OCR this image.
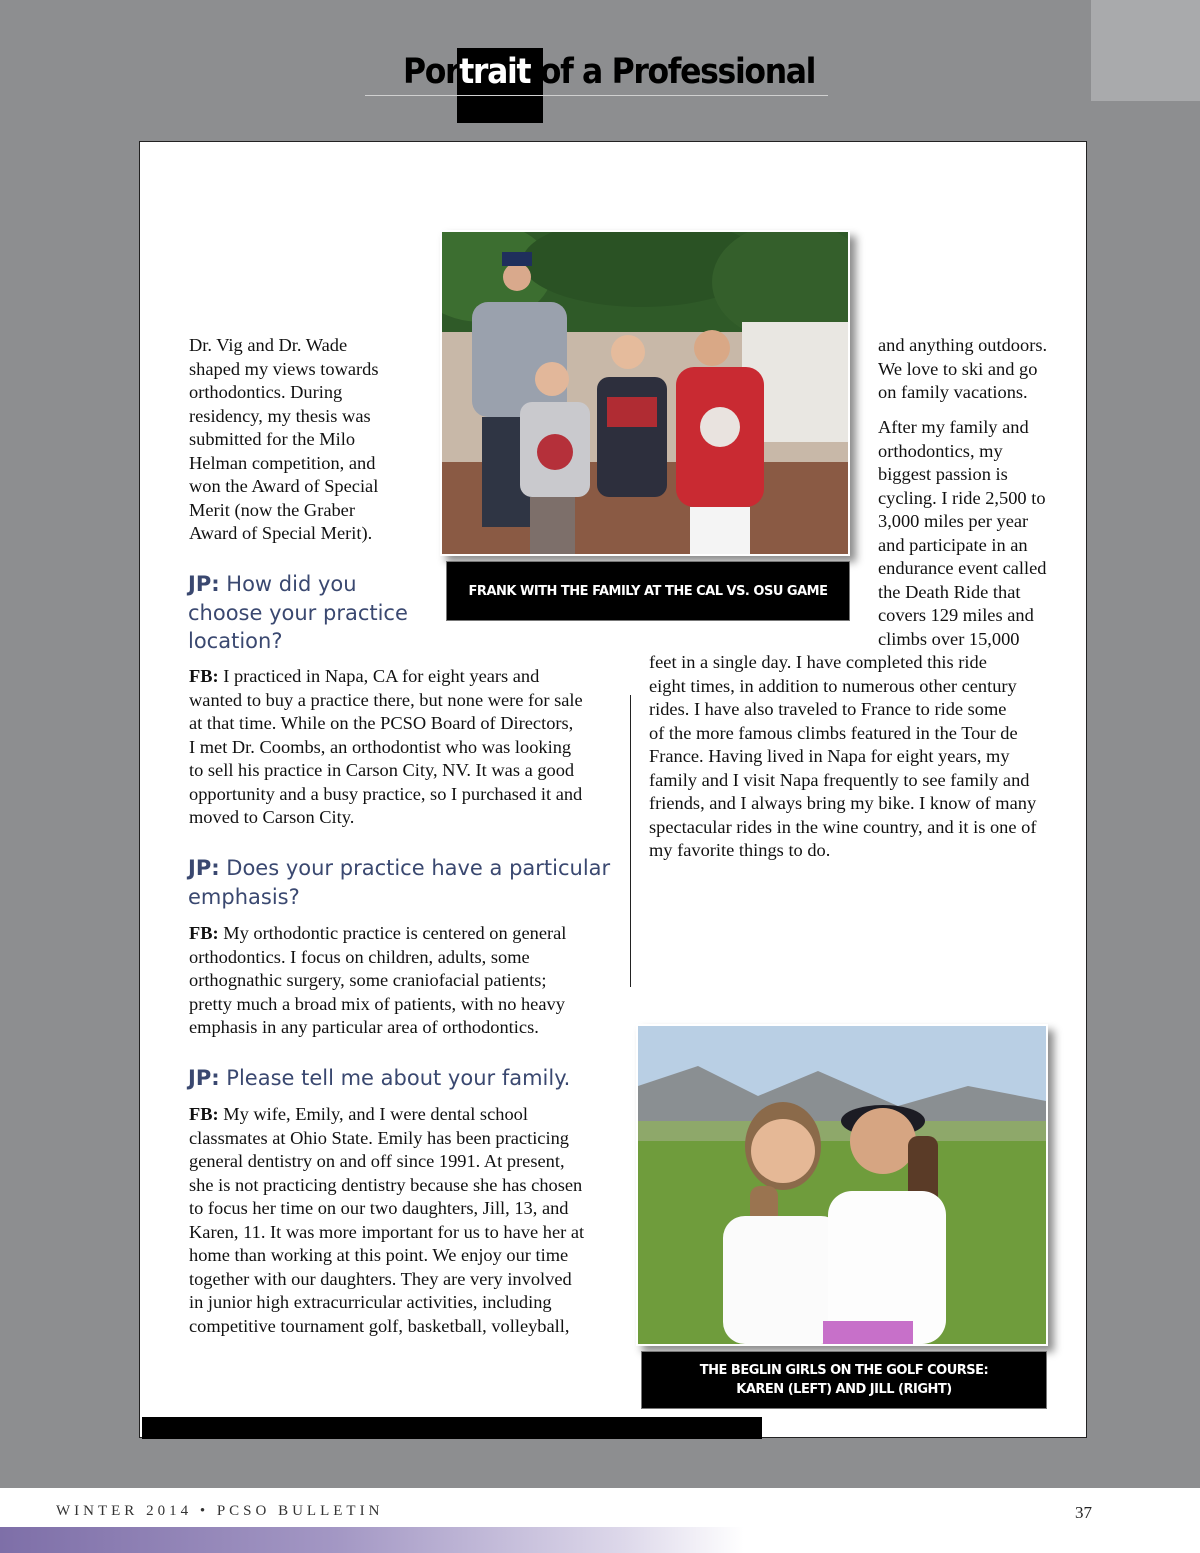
Portrait of a Professional
FRANK WITH THE FAMILY AT THE CAL VS. OSU GAME
THE BEGLIN GIRLS ON THE GOLF COURSE:
KAREN (LEFT) AND JILL (RIGHT)
Dr. Vig and Dr. Wade
shaped my views towards
orthodontics. During
residency, my thesis was
submitted for the Milo
Helman competition, and
won the Award of Special
Merit (now the Graber
Award of Special Merit).
JP: How did you
choose your practice
location?
FB: I practiced in Napa, CA for eight years and
wanted to buy a practice there, but none were for sale
at that time. While on the PCSO Board of Directors,
I met Dr. Coombs, an orthodontist who was looking
to sell his practice in Carson City, NV. It was a good
opportunity and a busy practice, so I purchased it and
moved to Carson City.
JP: Does your practice have a particular
emphasis?
FB: My orthodontic practice is centered on general
orthodontics. I focus on children, adults, some
orthognathic surgery, some craniofacial patients;
pretty much a broad mix of patients, with no heavy
emphasis in any particular area of orthodontics.
JP: Please tell me about your family.
FB: My wife, Emily, and I were dental school
classmates at Ohio State. Emily has been practicing
general dentistry on and off since 1991. At present,
she is not practicing dentistry because she has chosen
to focus her time on our two daughters, Jill, 13, and
Karen, 11. It was more important for us to have her at
home than working at this point. We enjoy our time
together with our daughters. They are very involved
in junior high extracurricular activities, including
competitive tournament golf, basketball, volleyball,
and anything outdoors.
We love to ski and go
on family vacations.
After my family and
orthodontics, my
biggest passion is
cycling. I ride 2,500 to
3,000 miles per year
and participate in an
endurance event called
the Death Ride that
covers 129 miles and
climbs over 15,000
feet in a single day. I have completed this ride
eight times, in addition to numerous other century
rides. I have also traveled to France to ride some
of the more famous climbs featured in the Tour de
France. Having lived in Napa for eight years, my
family and I visit Napa frequently to see family and
friends, and I always bring my bike. I know of many
spectacular rides in the wine country, and it is one of
my favorite things to do.
WINTER 2014 • PCSO BULLETIN	37
